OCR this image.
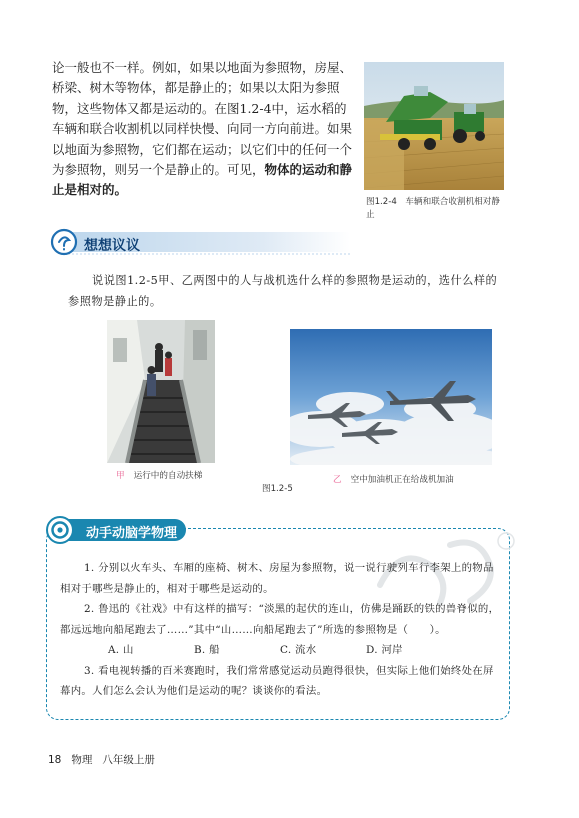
论一般也不一样。例如，如果以地面为参照物，房屋、桥梁、树木等物体，都是静止的；如果以太阳为参照物，这些物体又都是运动的。在图1.2-4中，运水稻的车辆和联合收割机以同样快慢、向同一方向前进。如果以地面为参照物，它们都在运动；以它们中的任何一个为参照物，则另一个是静止的。可见，物体的运动和静止是相对的。
图1.2-4　车辆和联合收割机相对静止
想想议议
说说图1.2-5甲、乙两图中的人与战机选什么样的参照物是运动的，选什么样的参照物是静止的。
甲 运行中的自动扶梯	乙 空中加油机正在给战机加油
图1.2-5
动手动脑学物理

1. 分别以火车头、车厢的座椅、树木、房屋为参照物，说一说行驶列车行李架上的物品相对于哪些是静止的，相对于哪些是运动的。

2. 鲁迅的《社戏》中有这样的描写：“淡黑的起伏的连山，仿佛是踊跃的铁的兽脊似的，都远远地向船尾跑去了……”其中“山……向船尾跑去了”所选的参照物是（　　）。

A. 山	B. 船	C. 流水	D. 河岸

3. 看电视转播的百米赛跑时，我们常常感觉运动员跑得很快，但实际上他们始终处在屏幕内。人们怎么会认为他们是运动的呢？谈谈你的看法。

18 物理 八年级上册
